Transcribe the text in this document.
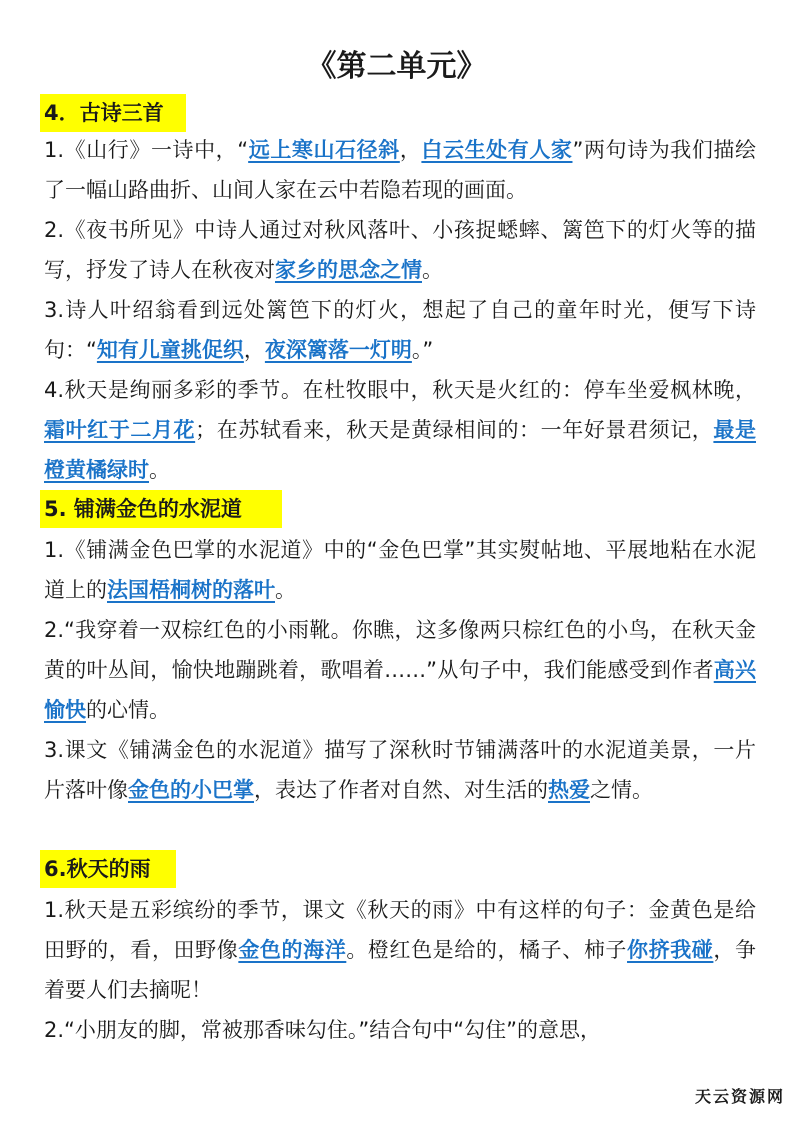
《第二单元》
4．古诗三首

1.《山行》一诗中，“远上寒山石径斜，白云生处有人家”两句诗为我们描绘了一幅山路曲折、山间人家在云中若隐若现的画面。

2.《夜书所见》中诗人通过对秋风落叶、小孩捉蟋蟀、篱笆下的灯火等的描写，抒发了诗人在秋夜对家乡的思念之情。

3.诗人叶绍翁看到远处篱笆下的灯火，想起了自己的童年时光，便写下诗句：“知有儿童挑促织，夜深篱落一灯明。”

4.秋天是绚丽多彩的季节。在杜牧眼中，秋天是火红的：停车坐爱枫林晚，霜叶红于二月花；在苏轼看来，秋天是黄绿相间的：一年好景君须记，最是橙黄橘绿时。

5. 铺满金色的水泥道

1.《铺满金色巴掌的水泥道》中的“金色巴掌”其实熨帖地、平展地粘在水泥道上的法国梧桐树的落叶。

2.“我穿着一双棕红色的小雨靴。你瞧，这多像两只棕红色的小鸟，在秋天金黄的叶丛间，愉快地蹦跳着，歌唱着……”从句子中，我们能感受到作者高兴愉快的心情。

3.课文《铺满金色的水泥道》描写了深秋时节铺满落叶的水泥道美景，一片片落叶像金色的小巴掌，表达了作者对自然、对生活的热爱之情。

6.秋天的雨

1.秋天是五彩缤纷的季节，课文《秋天的雨》中有这样的句子：金黄色是给田野的，看，田野像金色的海洋。橙红色是给的，橘子、柿子你挤我碰，争着要人们去摘呢！

2.“小朋友的脚，常被那香味勾住。”结合句中“勾住”的意思，

天云资源网
